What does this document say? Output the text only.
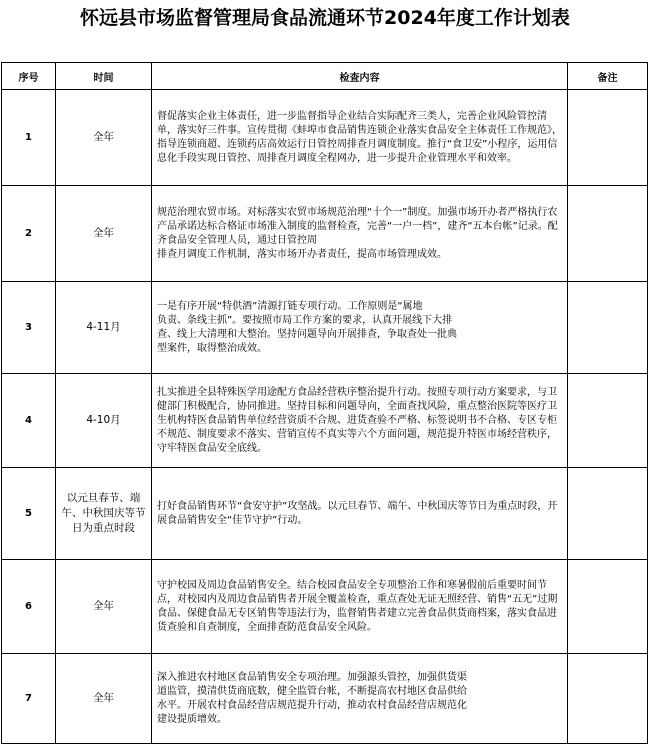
怀远县市场监督管理局食品流通环节2024年度工作计划表
序号	时间	检查内容	备注
1	全年	督促落实企业主体责任，进一步监督指导企业结合实际配齐三类人，完善企业风险管控清单，落实好三件事。宣传贯彻《蚌埠市食品销售连锁企业落实食品安全主体责任工作规范》，指导连锁商超、连锁药店高效运行日管控周排查月调度制度。推行“食卫安”小程序，运用信息化手段实现日管控、周排查月调度全程网办，进一步提升企业管理水平和效率。	
2	全年	规范治理农贸市场。对标落实农贸市场规范治理“十个一”制度。加强市场开办者严格执行农产品承诺达标合格证市场准入制度的监督检查，完善“一户一档”，建齐“五本台帐”记录。配齐食品安全管理人员，通过日管控周
排查月调度工作机制，落实市场开办者责任，提高市场管理成效。	
3	4-11月	一是有序开展“特供酒”清源打链专项行动。工作原则是“属地
负责、条线主抓”。要按照市局工作方案的要求，认真开展线下大排
查、线上大清理和大整治。坚持问题导向开展排查，争取查处一批典
型案件，取得整治成效。	
4	4-10月	扎实推进全县特殊医学用途配方食品经营秩序整治提升行动。按照专项行动方案要求，与卫健部门积极配合，协同推进。坚持目标和问题导向，全面查找风险，重点整治医院等医疗卫生机构特医食品销售单位经营资质不合规、进货查验不严格、标签说明书不合格、专区专柜不规范、制度要求不落实、营销宣传不真实等六个方面问题，规范提升特医市场经营秩序，守牢特医食品安全底线。	
5	以元旦春节、端午、中秋国庆等节日为重点时段	打好食品销售环节“食安守护”攻坚战。以元旦春节、端午、中秋国庆等节日为重点时段，开展食品销售安全“佳节守护”行动。	
6	全年	守护校园及周边食品销售安全。结合校园食品安全专项整治工作和寒暑假前后重要时间节点，对校园内及周边食品销售者开展全覆盖检查，重点查处无证无照经营、销售“五无”过期食品、保健食品无专区销售等违法行为，监督销售者建立完善食品供货商档案，落实食品进货查验和自查制度，全面排查防范食品安全风险。	
7	全年	深入推进农村地区食品销售安全专项治理。加强源头管控，加强供货渠
道监管，摸清供货商底数，健全监管台帐，不断提高农村地区食品供给
水平。开展农村食品经营店规范提升行动，推动农村食品经营店规范化
建设提质增效。	
